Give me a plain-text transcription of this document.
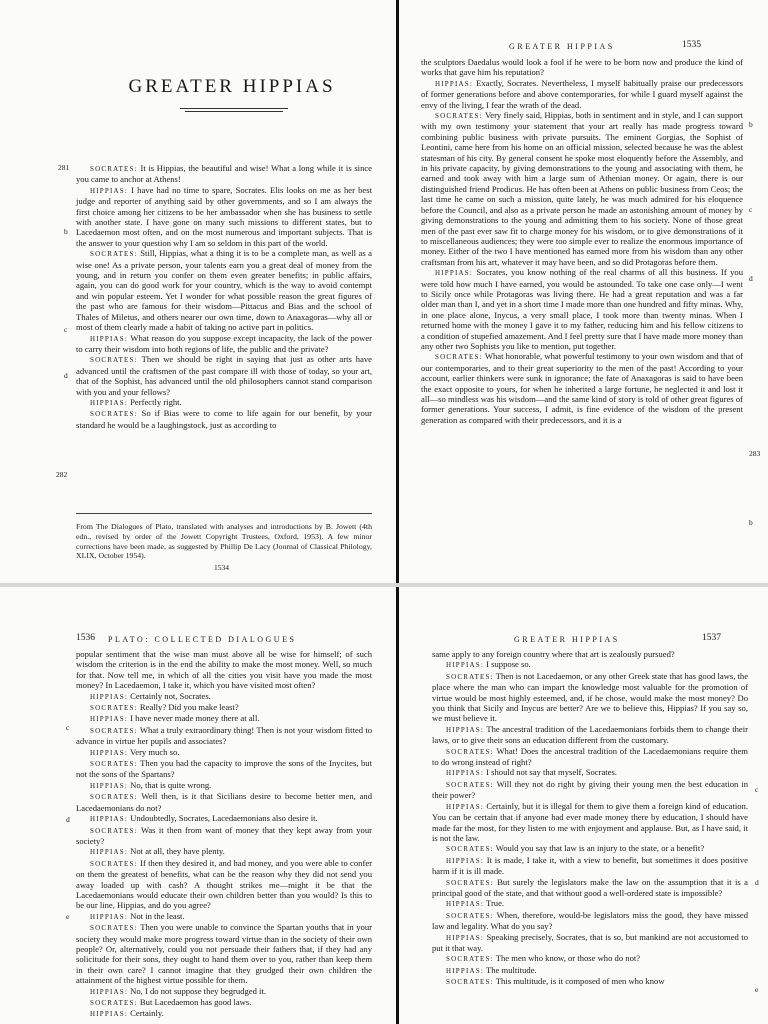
GREATER HIPPIAS
281
b
c
d
282

SOCRATES: It is Hippias, the beautiful and wise! What a long while it is since you came to anchor at Athens!

HIPPIAS: I have had no time to spare, Socrates. Elis looks on me as her best judge and reporter of anything said by other governments, and so I am always the first choice among her citizens to be her ambassador when she has business to settle with another state. I have gone on many such missions to different states, but to Lacedaemon most often, and on the most numerous and important subjects. That is the answer to your question why I am so seldom in this part of the world.

SOCRATES: Still, Hippias, what a thing it is to be a complete man, as well as a wise one! As a private person, your talents earn you a great deal of money from the young, and in return you confer on them even greater benefits; in public affairs, again, you can do good work for your country, which is the way to avoid contempt and win popular esteem. Yet I wonder for what possible reason the great figures of the past who are famous for their wisdom—Pittacus and Bias and the school of Thales of Miletus, and others nearer our own time, down to Anaxagoras—why all or most of them clearly made a habit of taking no active part in politics.

HIPPIAS: What reason do you suppose except incapacity, the lack of the power to carry their wisdom into both regions of life, the public and the private?

SOCRATES: Then we should be right in saying that just as other arts have advanced until the craftsmen of the past compare ill with those of today, so your art, that of the Sophist, has advanced until the old philosophers cannot stand comparison with you and your fellows?

HIPPIAS: Perfectly right.

SOCRATES: So if Bias were to come to life again for our benefit, by your standard he would be a laughingstock, just as according to

From The Dialogues of Plato, translated with analyses and introductions by B. Jowett (4th edn., revised by order of the Jowett Copyright Trustees, Oxford, 1953). A few minor corrections have been made, as suggested by Phillip De Lacy (Journal of Classical Philology, XLIX, October 1954).
1534
GREATER HIPPIAS	1535
b
c
d
283
b

the sculptors Daedalus would look a fool if he were to be born now and produce the kind of works that gave him his reputation?

HIPPIAS: Exactly, Socrates. Nevertheless, I myself habitually praise our predecessors of former generations before and above contemporaries, for while I guard myself against the envy of the living, I fear the wrath of the dead.

SOCRATES: Very finely said, Hippias, both in sentiment and in style, and I can support with my own testimony your statement that your art really has made progress toward combining public business with private pursuits. The eminent Gorgias, the Sophist of Leontini, came here from his home on an official mission, selected because he was the ablest statesman of his city. By general consent he spoke most eloquently before the Assembly, and in his private capacity, by giving demonstrations to the young and associating with them, he earned and took away with him a large sum of Athenian money. Or again, there is our distinguished friend Prodicus. He has often been at Athens on public business from Ceos; the last time he came on such a mission, quite lately, he was much admired for his eloquence before the Council, and also as a private person he made an astonishing amount of money by giving demonstrations to the young and admitting them to his society. None of those great men of the past ever saw fit to charge money for his wisdom, or to give demonstrations of it to miscellaneous audiences; they were too simple ever to realize the enormous importance of money. Either of the two I have mentioned has earned more from his wisdom than any other craftsman from his art, whatever it may have been, and so did Protagoras before them.

HIPPIAS: Socrates, you know nothing of the real charms of all this business. If you were told how much I have earned, you would be astounded. To take one case only—I went to Sicily once while Protagoras was living there. He had a great reputation and was a far older man than I, and yet in a short time I made more than one hundred and fifty minas. Why, in one place alone, Inycus, a very small place, I took more than twenty minas. When I returned home with the money I gave it to my father, reducing him and his fellow citizens to a condition of stupefied amazement. And I feel pretty sure that I have made more money than any other two Sophists you like to mention, put together.

SOCRATES: What honorable, what powerful testimony to your own wisdom and that of our contemporaries, and to their great superiority to the men of the past! According to your account, earlier thinkers were sunk in ignorance; the fate of Anaxagoras is said to have been the exact opposite to yours, for when he inherited a large fortune, he neglected it and lost it all—so mindless was his wisdom—and the same kind of story is told of other great figures of former generations. Your success, I admit, is fine evidence of the wisdom of the present generation as compared with their predecessors, and it is a

1536 PLATO: COLLECTED DIALOGUES
c
d
e

popular sentiment that the wise man must above all be wise for himself; of such wisdom the criterion is in the end the ability to make the most money. Well, so much for that. Now tell me, in which of all the cities you visit have you made the most money? In Lacedaemon, I take it, which you have visited most often?

HIPPIAS: Certainly not, Socrates.

SOCRATES: Really? Did you make least?

HIPPIAS: I have never made money there at all.

SOCRATES: What a truly extraordinary thing! Then is not your wisdom fitted to advance in virtue her pupils and associates?

HIPPIAS: Very much so.

SOCRATES: Then you had the capacity to improve the sons of the Inycites, but not the sons of the Spartans?

HIPPIAS: No, that is quite wrong.

SOCRATES: Well then, is it that Sicilians desire to become better men, and Lacedaemonians do not?

HIPPIAS: Undoubtedly, Socrates, Lacedaemonians also desire it.

SOCRATES: Was it then from want of money that they kept away from your society?

HIPPIAS: Not at all, they have plenty.

SOCRATES: If then they desired it, and had money, and you were able to confer on them the greatest of benefits, what can be the reason why they did not send you away loaded up with cash? A thought strikes me—might it be that the Lacedaemonians would educate their own children better than you would? Is this to be our line, Hippias, and do you agree?

HIPPIAS: Not in the least.

SOCRATES: Then you were unable to convince the Spartan youths that in your society they would make more progress toward virtue than in the society of their own people? Or, alternatively, could you not persuade their fathers that, if they had any solicitude for their sons, they ought to hand them over to you, rather than keep them in their own care? I cannot imagine that they grudged their own children the attainment of the highest virtue possible for them.

HIPPIAS: No, I do not suppose they begrudged it.

SOCRATES: But Lacedaemon has good laws.

HIPPIAS: Certainly.

GREATER HIPPIAS	1537
c
d
e

same apply to any foreign country where that art is zealously pursued?

HIPPIAS: I suppose so.

SOCRATES: Then is not Lacedaemon, or any other Greek state that has good laws, the place where the man who can impart the knowledge most valuable for the promotion of virtue would be most highly esteemed, and, if he chose, would make the most money? Do you think that Sicily and Inycus are better? Are we to believe this, Hippias? If you say so, we must believe it.

HIPPIAS: The ancestral tradition of the Lacedaemonians forbids them to change their laws, or to give their sons an education different from the customary.

SOCRATES: What! Does the ancestral tradition of the Lacedaemonians require them to do wrong instead of right?

HIPPIAS: I should not say that myself, Socrates.

SOCRATES: Will they not do right by giving their young men the best education in their power?

HIPPIAS: Certainly, but it is illegal for them to give them a foreign kind of education. You can be certain that if anyone had ever made money there by education, I should have made far the most, for they listen to me with enjoyment and applause. But, as I have said, it is not the law.

SOCRATES: Would you say that law is an injury to the state, or a benefit?

HIPPIAS: It is made, I take it, with a view to benefit, but sometimes it does positive harm if it is ill made.

SOCRATES: But surely the legislators make the law on the assumption that it is a principal good of the state, and that without good a well-ordered state is impossible?

HIPPIAS: True.

SOCRATES: When, therefore, would-be legislators miss the good, they have missed law and legality. What do you say?

HIPPIAS: Speaking precisely, Socrates, that is so, but mankind are not accustomed to put it that way.

SOCRATES: The men who know, or those who do not?

HIPPIAS: The multitude.

SOCRATES: This multitude, is it composed of men who know
